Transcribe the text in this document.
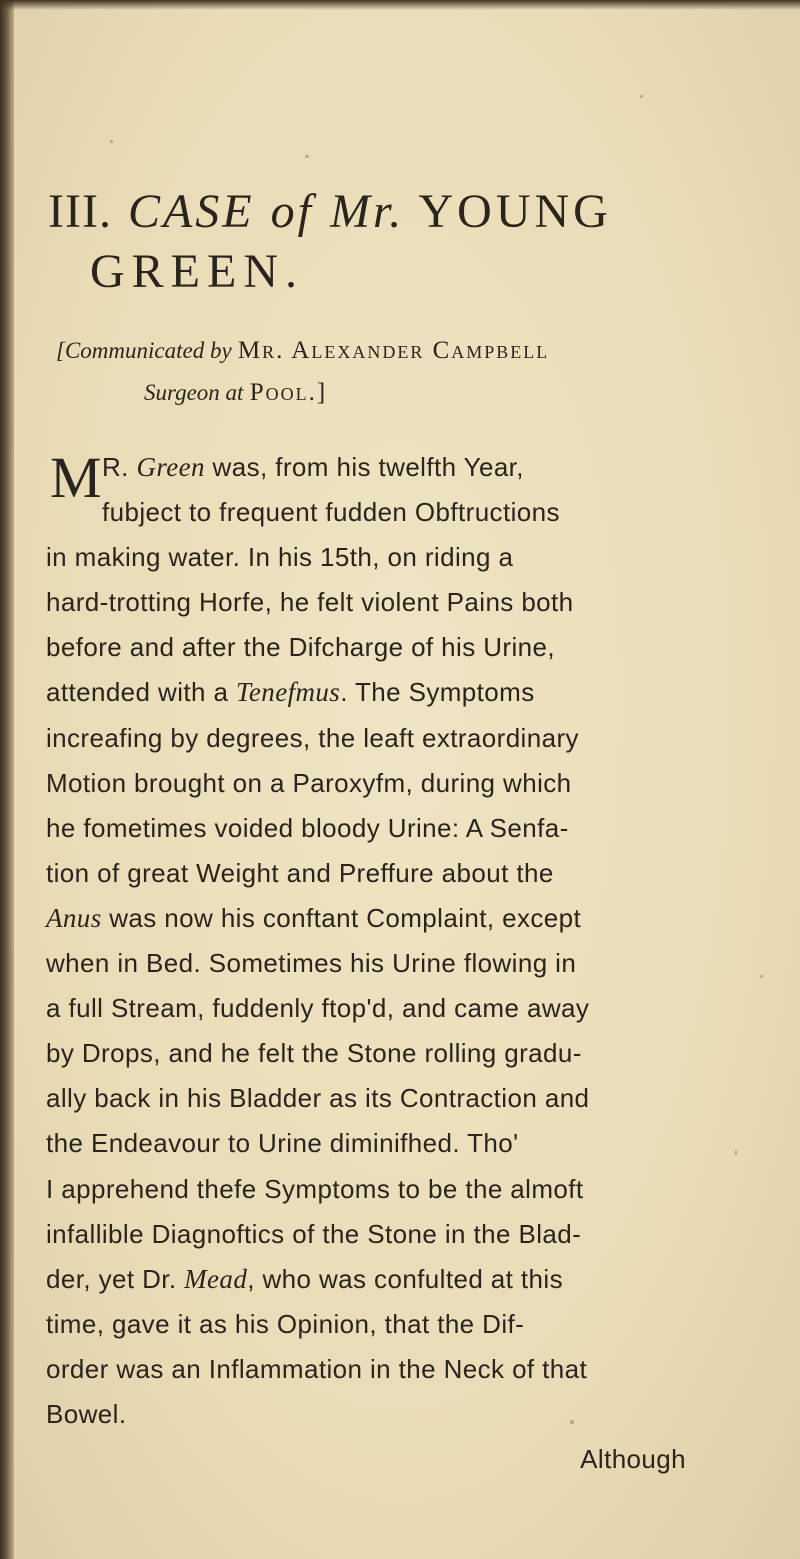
III. CASE of Mr. YOUNG
GREEN.
[Communicated by Mr. Alexander Campbell
Surgeon at Pool.]
M R. Green was, from his twelfth Year,
fubject to frequent fudden Obftructions
in making water. In his 15th, on riding a
hard-trotting Horfe, he felt violent Pains both
before and after the Difcharge of his Urine,
attended with a Tenefmus. The Symptoms
increafing by degrees, the leaft extraordinary
Motion brought on a Paroxyfm, during which
he fometimes voided bloody Urine: A Senfa-
tion of great Weight and Preffure about the
Anus was now his conftant Complaint, except
when in Bed. Sometimes his Urine flowing in
a full Stream, fuddenly ftop'd, and came away
by Drops, and he felt the Stone rolling gradu-
ally back in his Bladder as its Contraction and
the Endeavour to Urine diminifhed. Tho'
I apprehend thefe Symptoms to be the almoft
infallible Diagnoftics of the Stone in the Blad-
der, yet Dr. Mead, who was confulted at this
time, gave it as his Opinion, that the Dif-
order was an Inflammation in the Neck of that
Bowel.
Although
